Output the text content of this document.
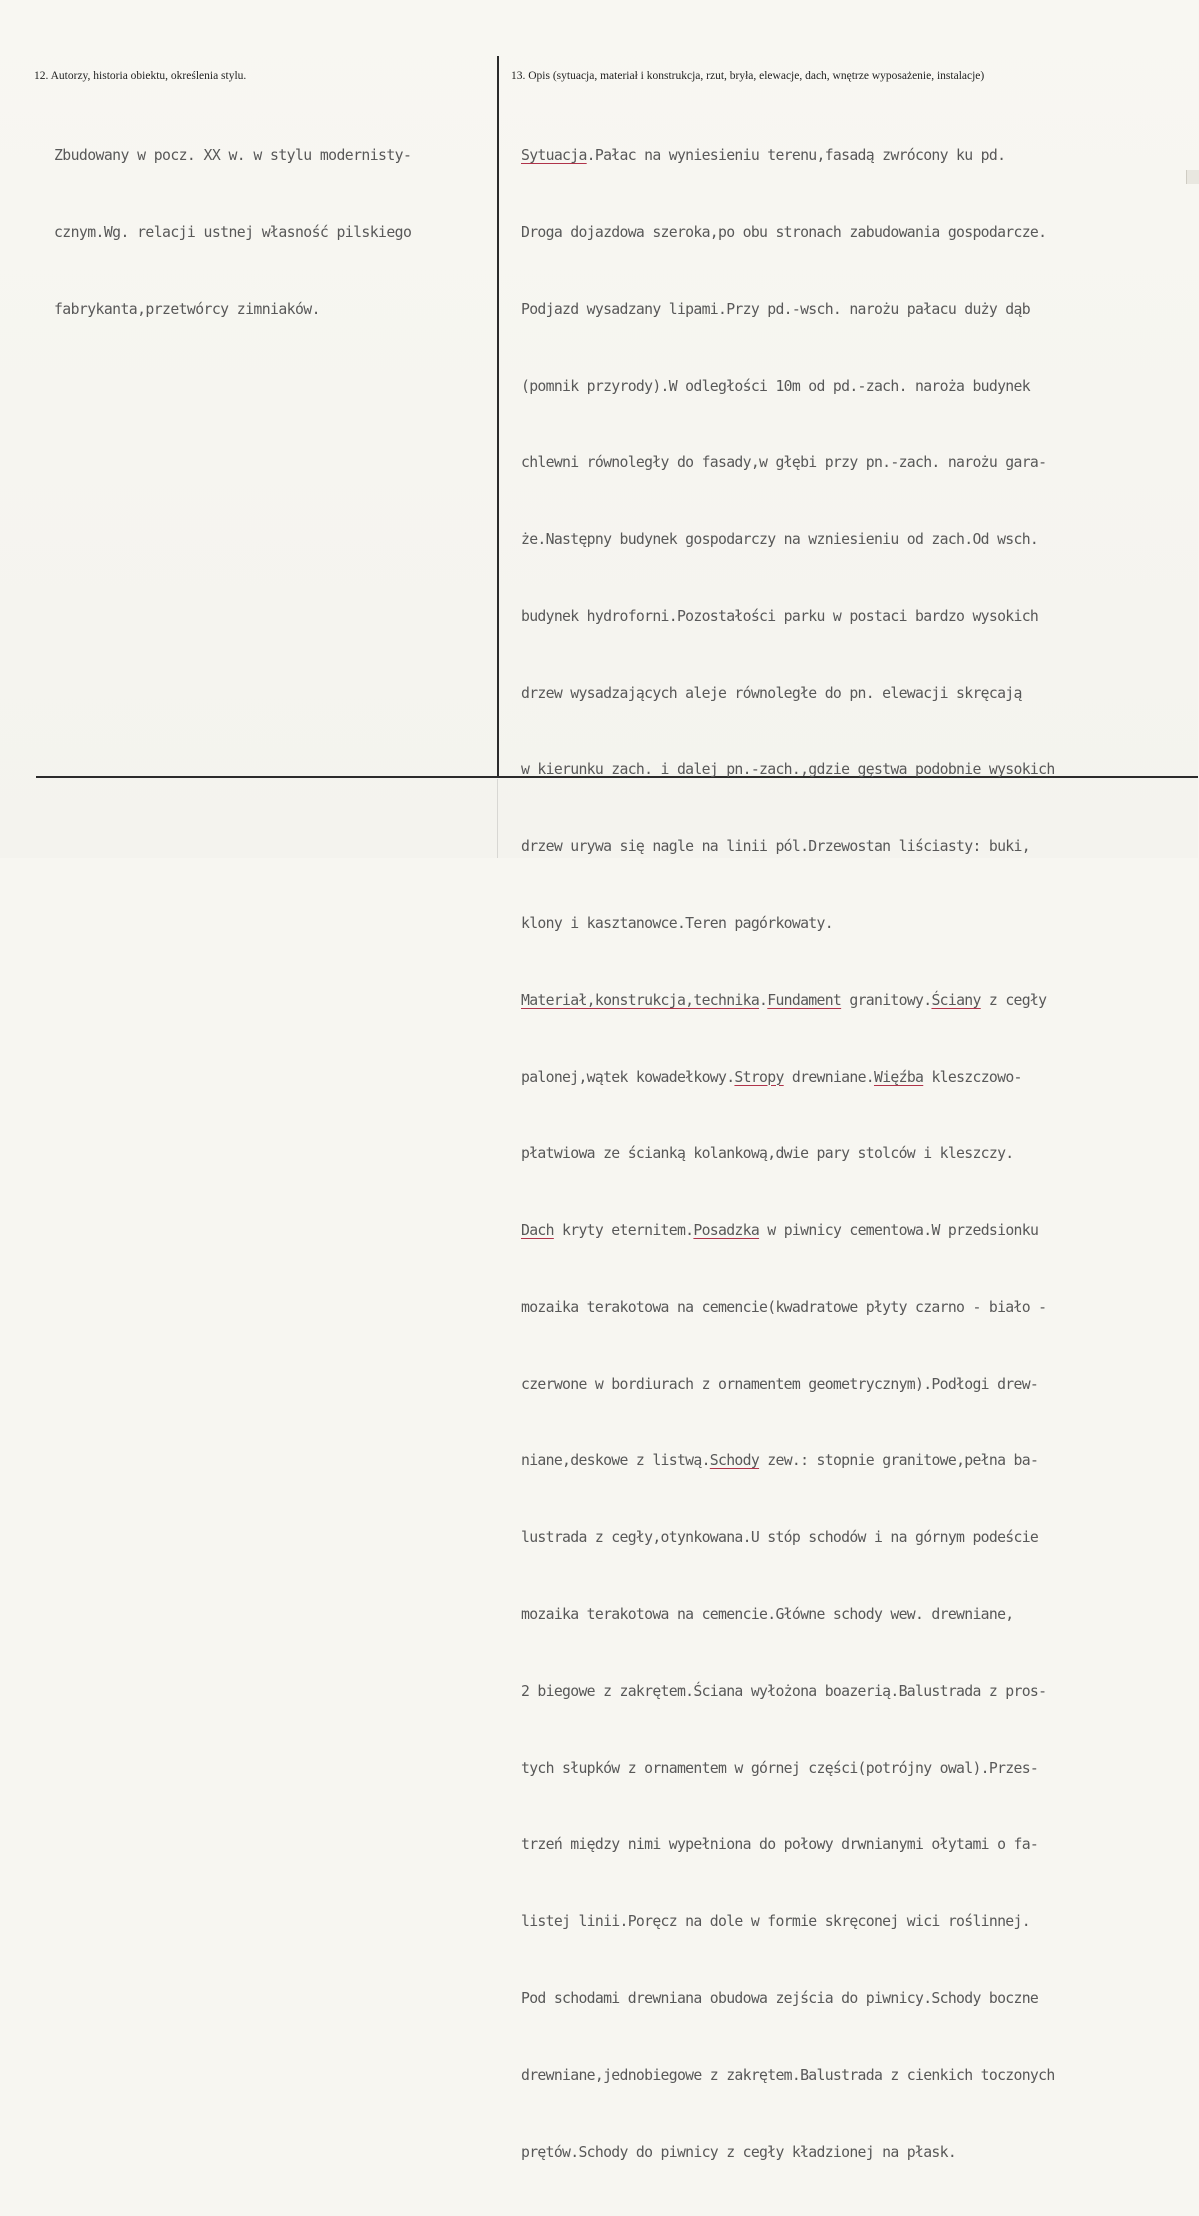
12. Autorzy, historia obiektu, określenia stylu.	13. Opis (sytuacja, materiał i konstrukcja, rzut, bryła, elewacje, dach, wnętrze wyposażenie, instalacje)

Zbudowany w pocz. XX w. w stylu modernisty-

cznym.Wg. relacji ustnej własność pilskiego

fabrykanta,przetwórcy zimniaków.

Sytuacja.Pałac na wyniesieniu terenu,fasadą zwrócony ku pd.

Droga dojazdowa szeroka,po obu stronach zabudowania gospodarcze.

Podjazd wysadzany lipami.Przy pd.-wsch. narożu pałacu duży dąb

(pomnik przyrody).W odległości 10m od pd.-zach. naroża budynek

chlewni równoległy do fasady,w głębi przy pn.-zach. narożu gara-

że.Następny budynek gospodarczy na wzniesieniu od zach.Od wsch.

budynek hydroforni.Pozostałości parku w postaci bardzo wysokich

drzew wysadzających aleje równoległe do pn. elewacji skręcają

w kierunku zach. i dalej pn.-zach.,gdzie gęstwa podobnie wysokich

drzew urywa się nagle na linii pól.Drzewostan liściasty: buki,

klony i kasztanowce.Teren pagórkowaty.

Materiał,konstrukcja,technika.Fundament granitowy.Ściany z cegły

palonej,wątek kowadełkowy.Stropy drewniane.Więźba kleszczowo-

płatwiowa ze ścianką kolankową,dwie pary stolców i kleszczy.

Dach kryty eternitem.Posadzka w piwnicy cementowa.W przedsionku

mozaika terakotowa na cemencie(kwadratowe płyty czarno - biało -

czerwone w bordiurach z ornamentem geometrycznym).Podłogi drew-

niane,deskowe z listwą.Schody zew.: stopnie granitowe,pełna ba-

lustrada z cegły,otynkowana.U stóp schodów i na górnym podeście

mozaika terakotowa na cemencie.Główne schody wew. drewniane,

2 biegowe z zakrętem.Ściana wyłożona boazerią.Balustrada z pros-

tych słupków z ornamentem w górnej części(potrójny owal).Przes-

trzeń między nimi wypełniona do połowy drwnianymi ołytami o fa-

listej linii.Poręcz na dole w formie skręconej wici roślinnej.

Pod schodami drewniana obudowa zejścia do piwnicy.Schody boczne

drewniane,jednobiegowe z zakrętem.Balustrada z cienkich toczonych

prętów.Schody do piwnicy z cegły kładzionej na płask.
